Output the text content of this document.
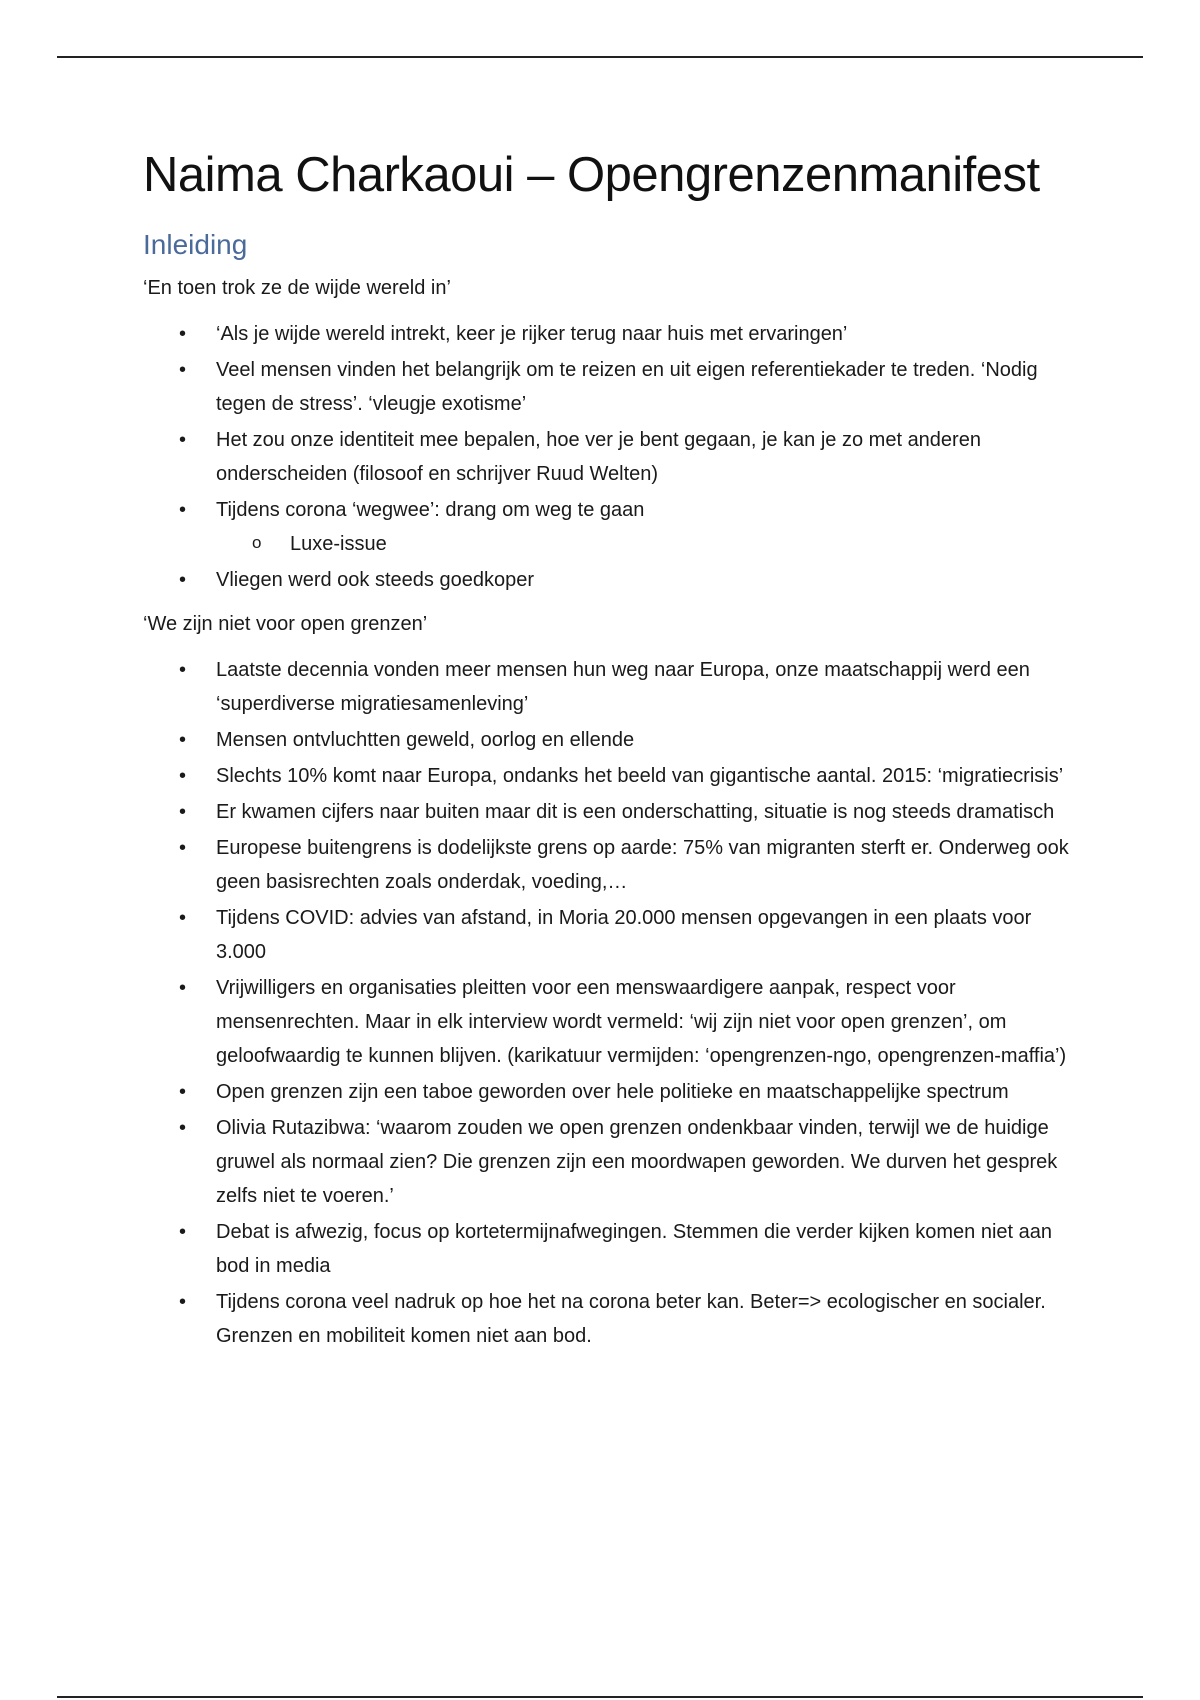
Naima Charkaoui – Opengrenzenmanifest
Inleiding

‘En toen trok ze de wijde wereld in’

• ‘Als je wijde wereld intrekt, keer je rijker terug naar huis met ervaringen’
• Veel mensen vinden het belangrijk om te reizen en uit eigen referentiekader te treden. ‘Nodig tegen de stress’. ‘vleugje exotisme’
• Het zou onze identiteit mee bepalen, hoe ver je bent gegaan, je kan je zo met anderen onderscheiden (filosoof en schrijver Ruud Welten)
• Tijdens corona ‘wegwee’: drang om weg te gaan
o Luxe-issue
• Vliegen werd ook steeds goedkoper

‘We zijn niet voor open grenzen’

• Laatste decennia vonden meer mensen hun weg naar Europa, onze maatschappij werd een ‘superdiverse migratiesamenleving’
• Mensen ontvluchtten geweld, oorlog en ellende
• Slechts 10% komt naar Europa, ondanks het beeld van gigantische aantal. 2015: ‘migratiecrisis’
• Er kwamen cijfers naar buiten maar dit is een onderschatting, situatie is nog steeds dramatisch
• Europese buitengrens is dodelijkste grens op aarde: 75% van migranten sterft er. Onderweg ook geen basisrechten zoals onderdak, voeding,…
• Tijdens COVID: advies van afstand, in Moria 20.000 mensen opgevangen in een plaats voor 3.000
• Vrijwilligers en organisaties pleitten voor een menswaardigere aanpak, respect voor mensenrechten. Maar in elk interview wordt vermeld: ‘wij zijn niet voor open grenzen’, om geloofwaardig te kunnen blijven. (karikatuur vermijden: ‘opengrenzen-ngo, opengrenzen-maffia’)
• Open grenzen zijn een taboe geworden over hele politieke en maatschappelijke spectrum
• Olivia Rutazibwa: ‘waarom zouden we open grenzen ondenkbaar vinden, terwijl we de huidige gruwel als normaal zien? Die grenzen zijn een moordwapen geworden. We durven het gesprek zelfs niet te voeren.’
• Debat is afwezig, focus op kortetermijnafwegingen. Stemmen die verder kijken komen niet aan bod in media
• Tijdens corona veel nadruk op hoe het na corona beter kan. Beter=> ecologischer en socialer. Grenzen en mobiliteit komen niet aan bod.
